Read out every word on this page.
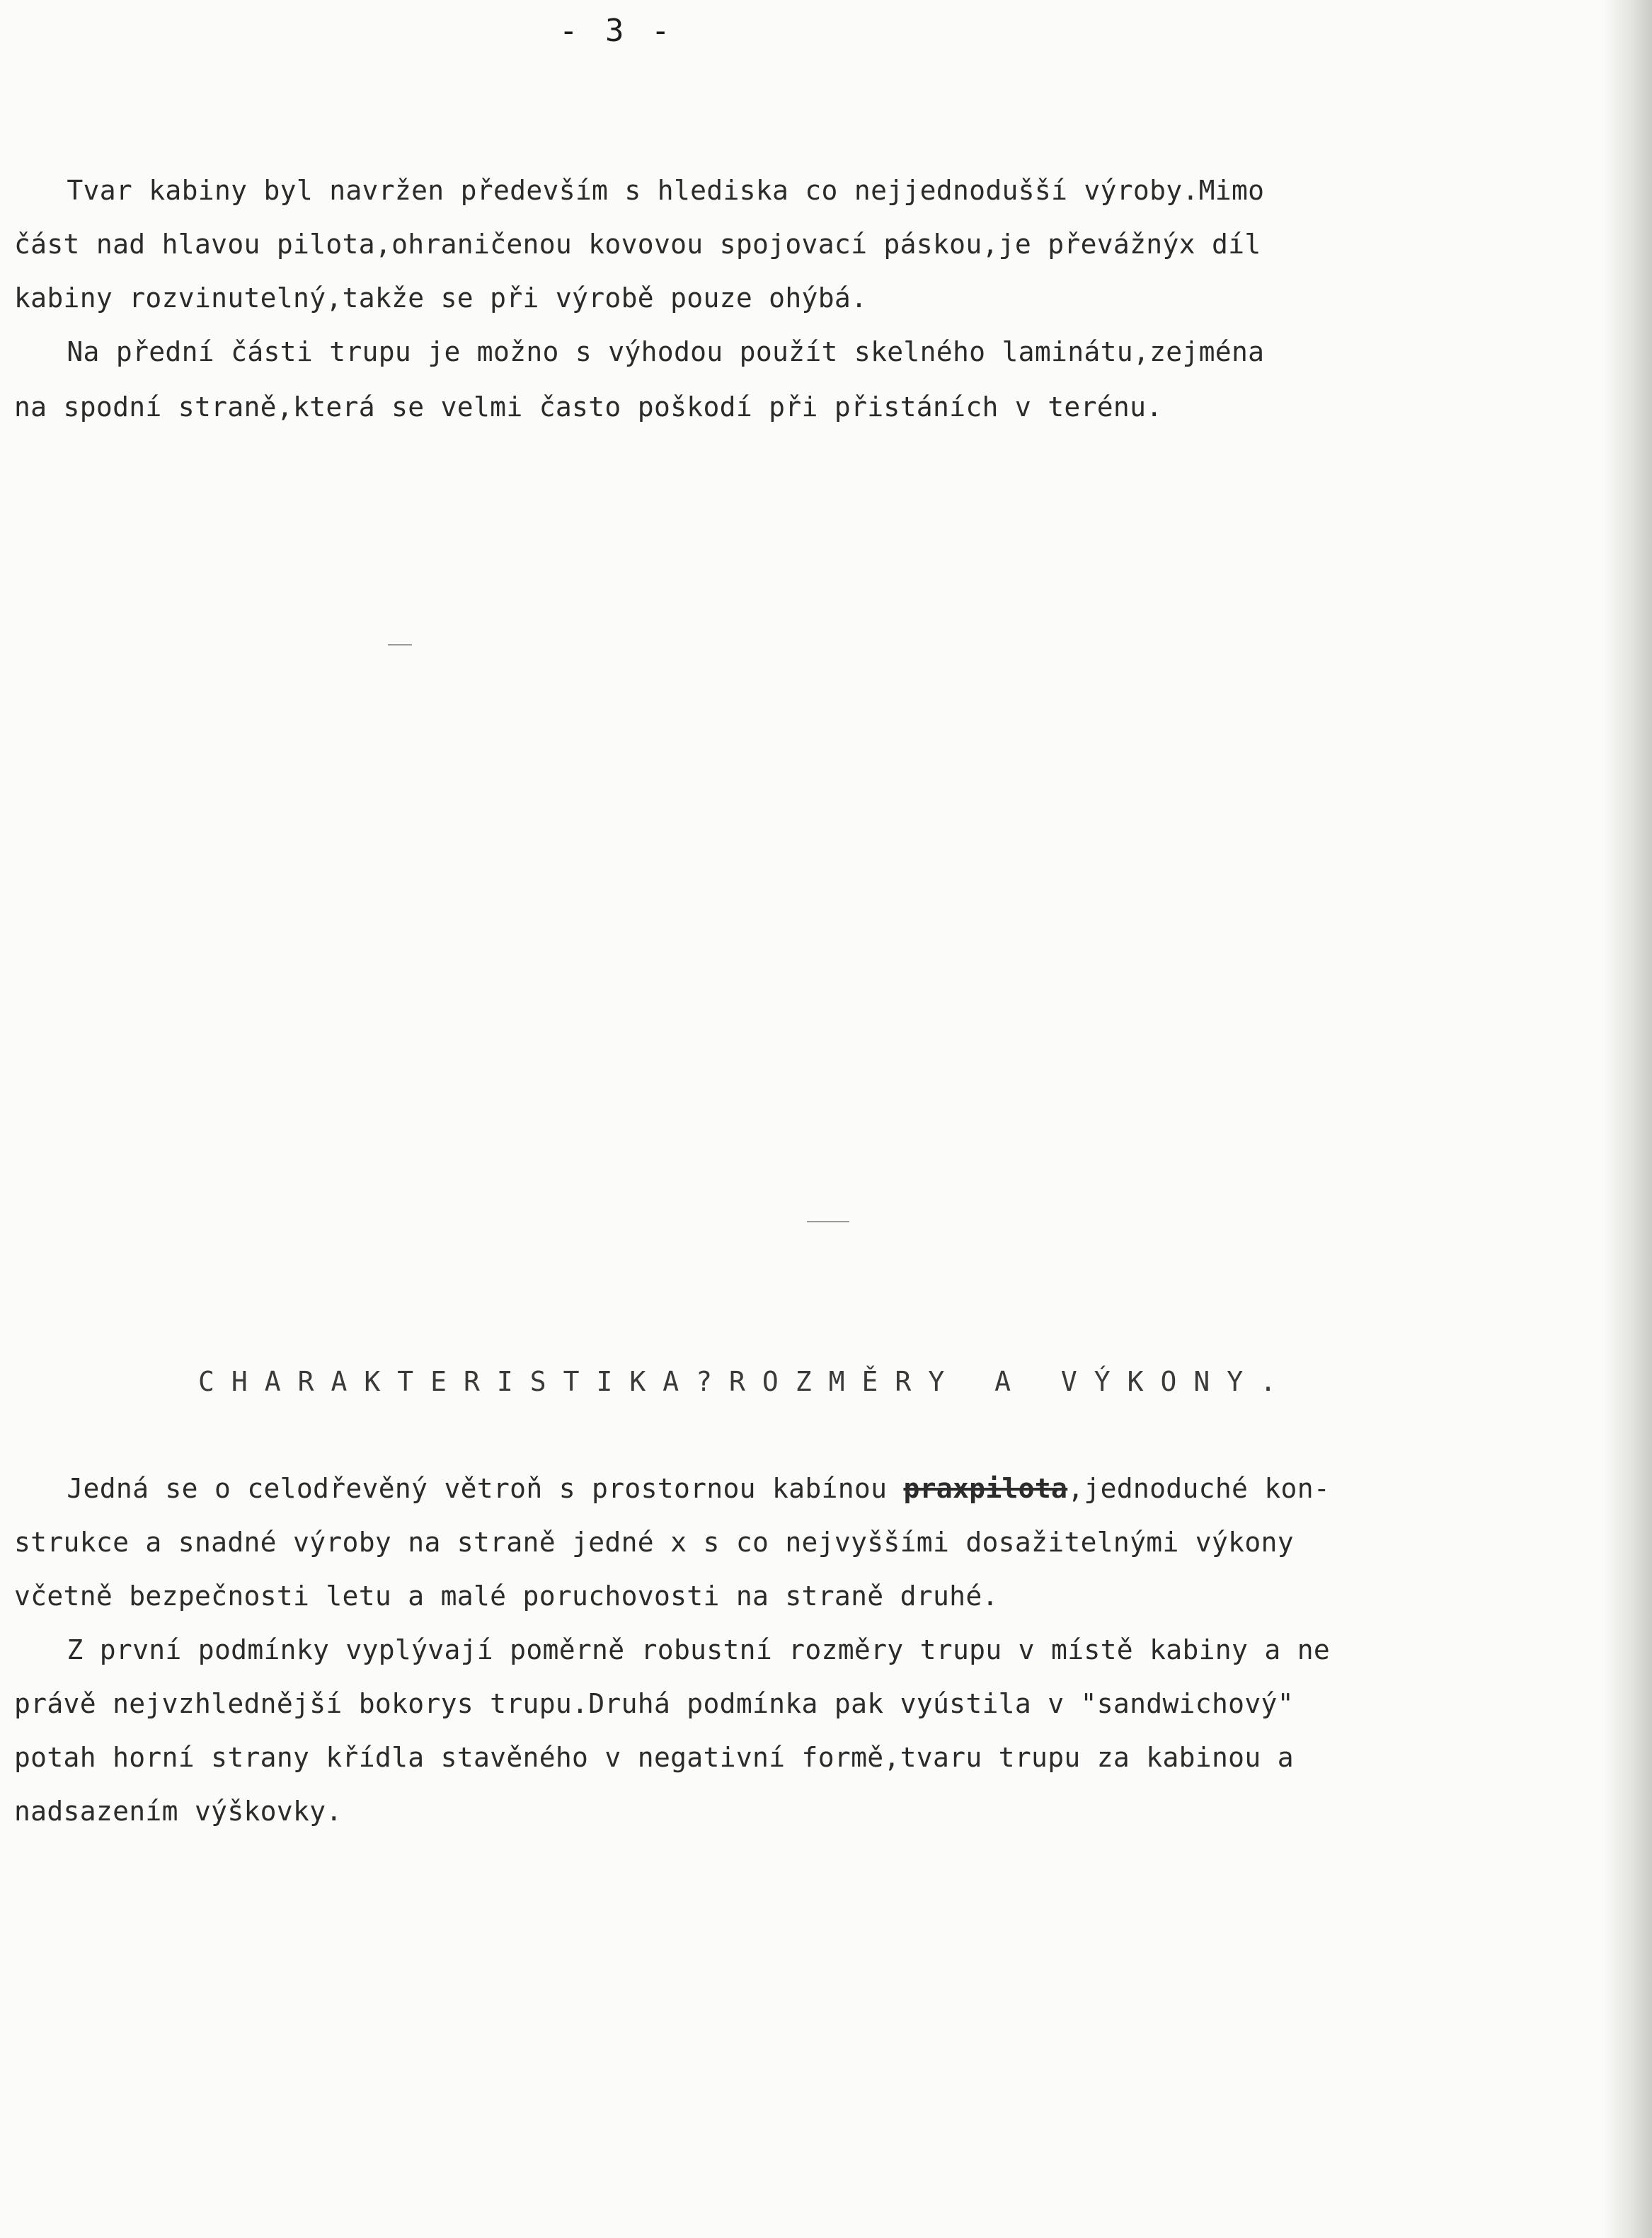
- 3 -
Tvar kabiny byl navržen především s hlediska co nejjednodušší výroby.Mimo
část nad hlavou pilota,ohraničenou kovovou spojovací páskou,je převážnýx díl
kabiny rozvinutelný,takže se při výrobě pouze ohýbá.
Na přední části trupu je možno s výhodou použít skelného laminátu,zejména
na spodní straně,která se velmi často poškodí při přistáních v terénu.
CHARAKTERISTIKA?ROZMĚRY A VÝKONY.
Jedná se o celodřevěný větroň s prostornou kabínou praxpilota,jednoduché kon-
strukce a snadné výroby na straně jedné x s co nejvyššími dosažitelnými výkony
včetně bezpečnosti letu a malé poruchovosti na straně druhé.
Z první podmínky vyplývají poměrně robustní rozměry trupu v místě kabiny a ne
právě nejvzhlednější bokorys trupu.Druhá podmínka pak vyústila v "sandwichový"
potah horní strany křídla stavěného v negativní formě,tvaru trupu za kabinou a
nadsazením výškovky.
